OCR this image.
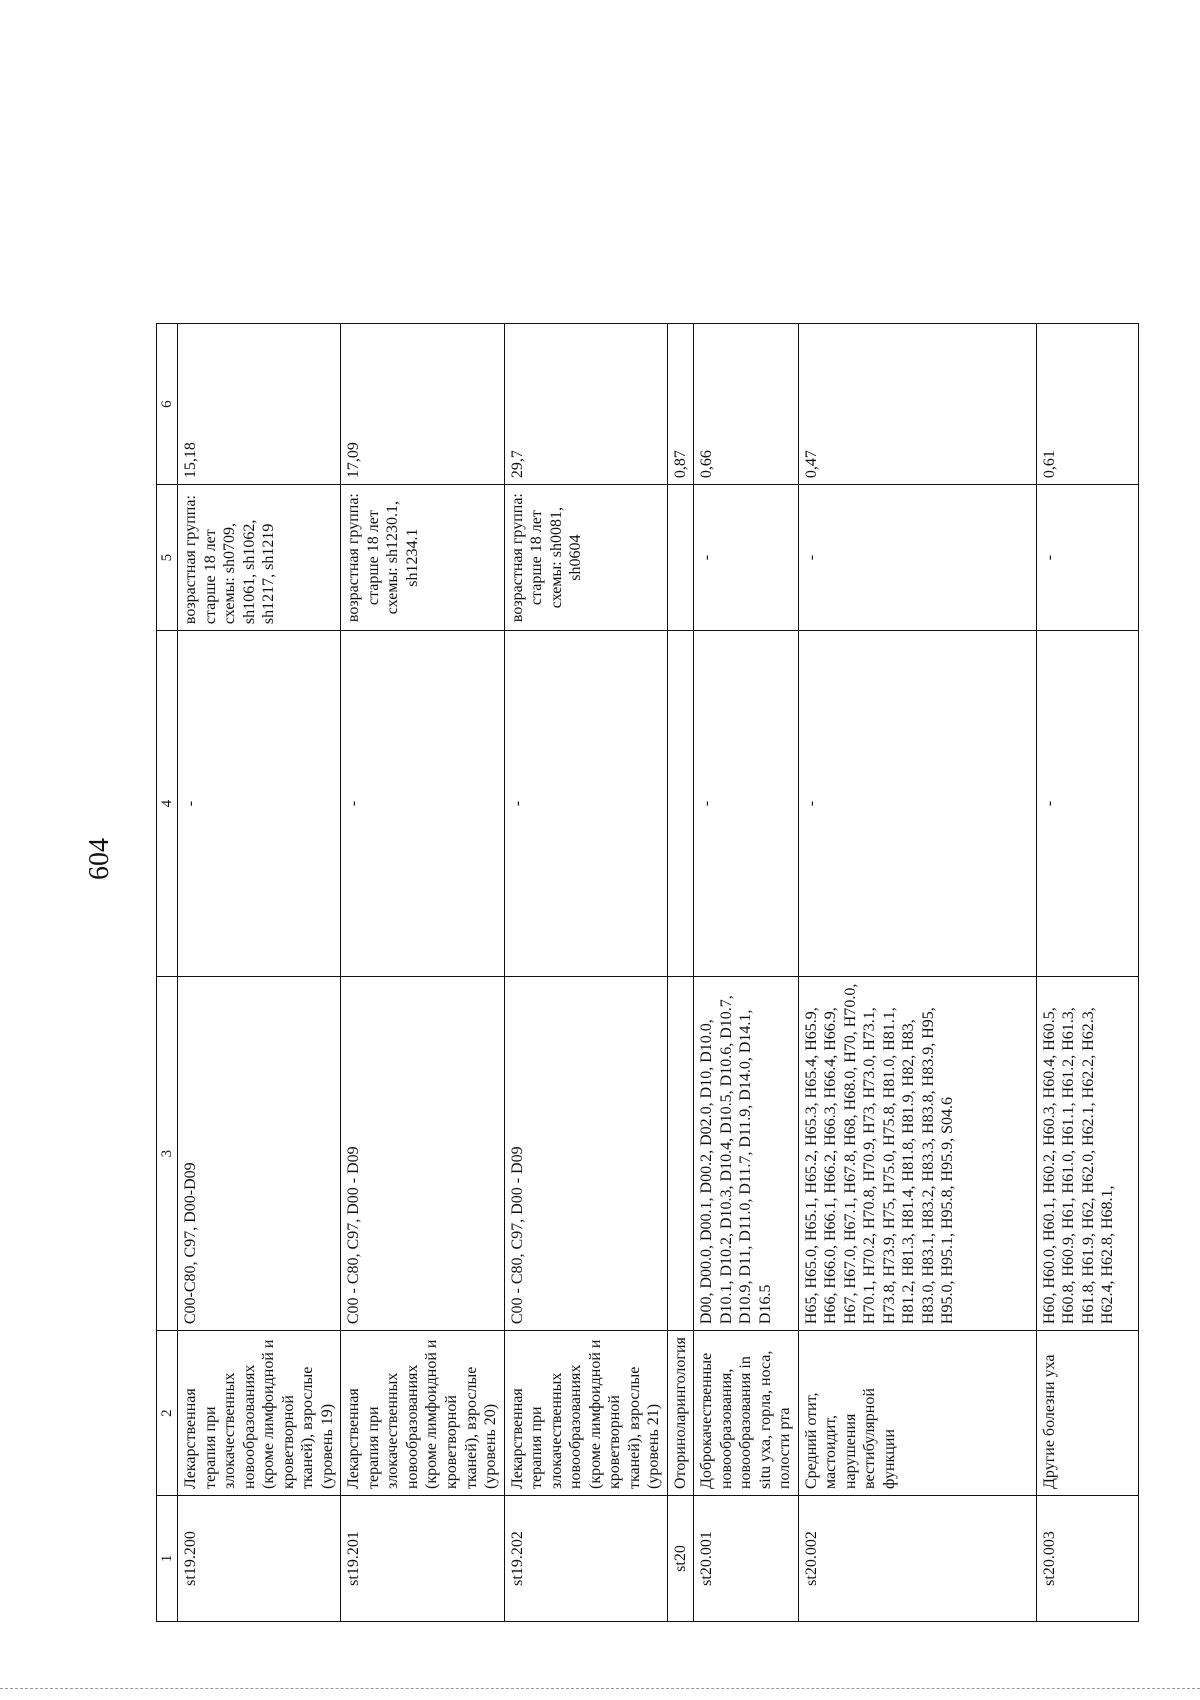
604
1	2	3	4	5	6
st19.200	Лекарственная терапия при злокачественных новообразованиях (кроме лимфоидной и кроветворной тканей), взрослые (уровень 19)	C00-C80, C97, D00-D09	-	возрастная группа: старше 18 лет схемы: sh0709, sh1061, sh1062, sh1217, sh1219	15,18
st19.201	Лекарственная терапия при злокачественных новообразованиях (кроме лимфоидной и кроветворной тканей), взрослые (уровень 20)	C00 - C80, C97, D00 - D09	-	возрастная группа: старше 18 лет схемы: sh1230.1, sh1234.1	17,09
st19.202	Лекарственная терапия при злокачественных новообразованиях (кроме лимфоидной и кроветворной тканей), взрослые (уровень 21)	C00 - C80, C97, D00 - D09	-	возрастная группа: старше 18 лет схемы: sh0081, sh0604	29,7
st20	Оториноларингология				0,87
st20.001	Доброкачественные новообразования, новообразования in situ уха, горла, носа, полости рта	D00, D00.0, D00.1, D00.2, D02.0, D10, D10.0, D10.1, D10.2, D10.3, D10.4, D10.5, D10.6, D10.7, D10.9, D11, D11.0, D11.7, D11.9, D14.0, D14.1, D16.5	-	-	0,66
st20.002	Средний отит, мастоидит, нарушения вестибулярной функции	H65, H65.0, H65.1, H65.2, H65.3, H65.4, H65.9, H66, H66.0, H66.1, H66.2, H66.3, H66.4, H66.9, H67, H67.0, H67.1, H67.8, H68, H68.0, H70, H70.0, H70.1, H70.2, H70.8, H70.9, H73, H73.0, H73.1, H73.8, H73.9, H75, H75.0, H75.8, H81.0, H81.1, H81.2, H81.3, H81.4, H81.8, H81.9, H82, H83, H83.0, H83.1, H83.2, H83.3, H83.8, H83.9, H95, H95.0, H95.1, H95.8, H95.9, S04.6	-	-	0,47
st20.003	Другие болезни уха	H60, H60.0, H60.1, H60.2, H60.3, H60.4, H60.5, H60.8, H60.9, H61, H61.0, H61.1, H61.2, H61.3, H61.8, H61.9, H62, H62.0, H62.1, H62.2, H62.3, H62.4, H62.8, H68.1,	-	-	0,61
